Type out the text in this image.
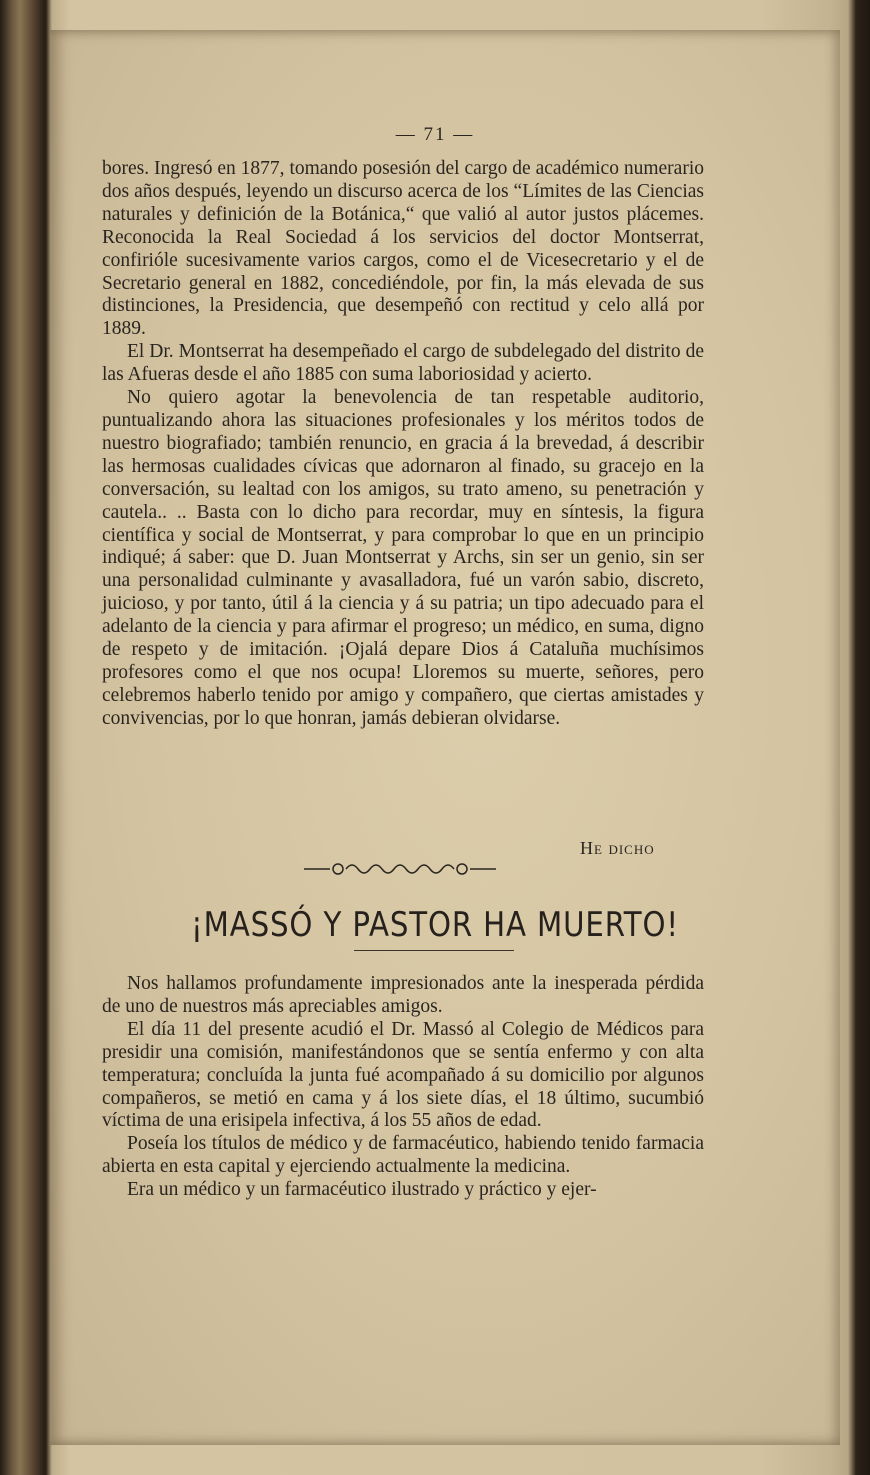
— 71 —

bores. Ingresó en 1877, tomando posesión del cargo de académico numerario dos años después, leyendo un discurso acerca de los “Límites de las Ciencias naturales y definición de la Botánica,“ que valió al autor justos plácemes. Reconocida la Real Sociedad á los servicios del doctor Montserrat, confirióle sucesivamente varios cargos, como el de Vicesecretario y el de Secretario general en 1882, concediéndole, por fin, la más elevada de sus distinciones, la Presidencia, que desempeñó con rectitud y celo allá por 1889.

El Dr. Montserrat ha desempeñado el cargo de subdelegado del distrito de las Afueras desde el año 1885 con suma laboriosidad y acierto.

No quiero agotar la benevolencia de tan respetable auditorio, puntualizando ahora las situaciones profesionales y los méritos todos de nuestro biografiado; también renuncio, en gracia á la brevedad, á describir las hermosas cualidades cívicas que adornaron al finado, su gracejo en la conversación, su lealtad con los amigos, su trato ameno, su penetración y cautela.. .. Basta con lo dicho para recordar, muy en síntesis, la figura científica y social de Montserrat, y para comprobar lo que en un principio indiqué; á saber: que D. Juan Montserrat y Archs, sin ser un genio, sin ser una personalidad culminante y avasalladora, fué un varón sabio, discreto, juicioso, y por tanto, útil á la ciencia y á su patria; un tipo adecuado para el adelanto de la ciencia y para afirmar el progreso; un médico, en suma, digno de respeto y de imitación. ¡Ojalá depare Dios á Cataluña muchísimos profesores como el que nos ocupa! Lloremos su muerte, señores, pero celebremos haberlo tenido por amigo y compañero, que ciertas amistades y convivencias, por lo que honran, jamás debieran olvidarse.

He dicho
¡MASSÓ Y PASTOR HA MUERTO!

Nos hallamos profundamente impresionados ante la inesperada pérdida de uno de nuestros más apreciables amigos.

El día 11 del presente acudió el Dr. Massó al Colegio de Médicos para presidir una comisión, manifestándonos que se sentía enfermo y con alta temperatura; concluída la junta fué acompañado á su domicilio por algunos compañeros, se metió en cama y á los siete días, el 18 último, sucumbió víctima de una erisipela infectiva, á los 55 años de edad.

Poseía los títulos de médico y de farmacéutico, habiendo tenido farmacia abierta en esta capital y ejerciendo actualmente la medicina.

Era un médico y un farmacéutico ilustrado y práctico y ejer-
